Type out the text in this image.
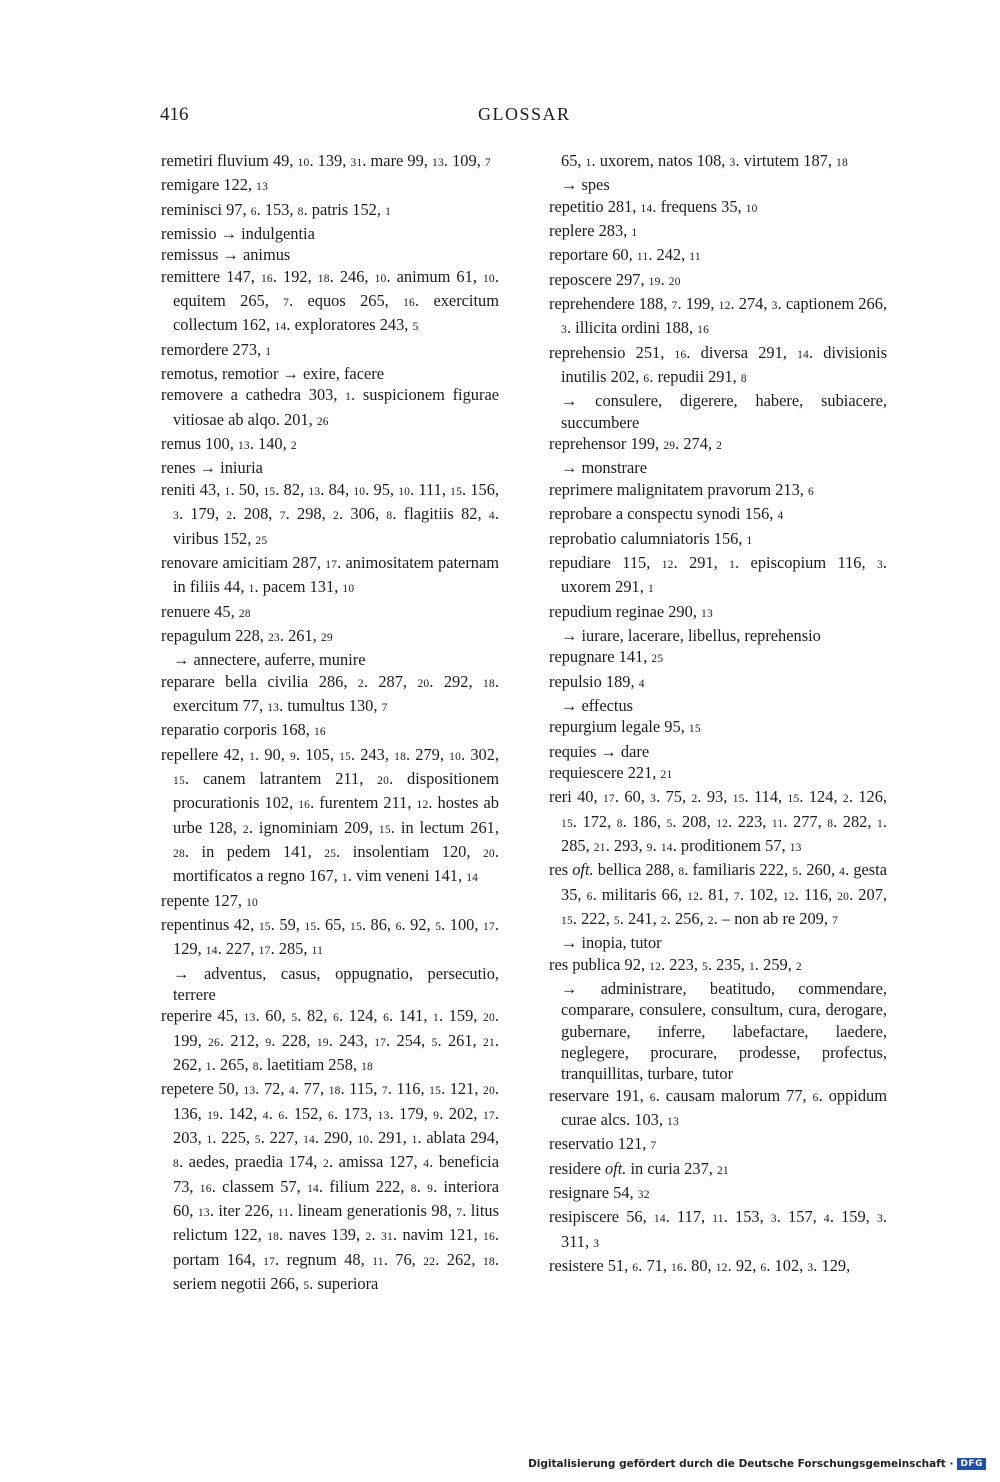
416	GLOSSAR

remetiri fluvium 49, 10. 139, 31. mare 99, 13. 109, 7

remigare 122, 13

reminisci 97, 6. 153, 8. patris 152, 1

remissio → indulgentia

remissus → animus

remittere 147, 16. 192, 18. 246, 10. animum 61, 10. equitem 265, 7. equos 265, 16. exercitum collectum 162, 14. exploratores 243, 5

remordere 273, 1

remotus, remotior → exire, facere

removere a cathedra 303, 1. suspicionem figurae vitiosae ab alqo. 201, 26

remus 100, 13. 140, 2

renes → iniuria

reniti 43, 1. 50, 15. 82, 13. 84, 10. 95, 10. 111, 15. 156, 3. 179, 2. 208, 7. 298, 2. 306, 8. flagitiis 82, 4. viribus 152, 25

renovare amicitiam 287, 17. animositatem paternam in filiis 44, 1. pacem 131, 10

renuere 45, 28

repagulum 228, 23. 261, 29

→ annectere, auferre, munire

reparare bella civilia 286, 2. 287, 20. 292, 18. exercitum 77, 13. tumultus 130, 7

reparatio corporis 168, 16

repellere 42, 1. 90, 9. 105, 15. 243, 18. 279, 10. 302, 15. canem latrantem 211, 20. dispositionem procurationis 102, 16. furentem 211, 12. hostes ab urbe 128, 2. ignominiam 209, 15. in lectum 261, 28. in pedem 141, 25. insolentiam 120, 20. mortificatos a regno 167, 1. vim veneni 141, 14

repente 127, 10

repentinus 42, 15. 59, 15. 65, 15. 86, 6. 92, 5. 100, 17. 129, 14. 227, 17. 285, 11

→ adventus, casus, oppugnatio, persecutio, terrere

reperire 45, 13. 60, 5. 82, 6. 124, 6. 141, 1. 159, 20. 199, 26. 212, 9. 228, 19. 243, 17. 254, 5. 261, 21. 262, 1. 265, 8. laetitiam 258, 18

repetere 50, 13. 72, 4. 77, 18. 115, 7. 116, 15. 121, 20. 136, 19. 142, 4. 6. 152, 6. 173, 13. 179, 9. 202, 17. 203, 1. 225, 5. 227, 14. 290, 10. 291, 1. ablata 294, 8. aedes, praedia 174, 2. amissa 127, 4. beneficia 73, 16. classem 57, 14. filium 222, 8. 9. interiora 60, 13. iter 226, 11. lineam generationis 98, 7. litus relictum 122, 18. naves 139, 2. 31. navim 121, 16. portam 164, 17. regnum 48, 11. 76, 22. 262, 18. seriem negotii 266, 5. superiora

65, 1. uxorem, natos 108, 3. virtutem 187, 18

→ spes

repetitio 281, 14. frequens 35, 10

replere 283, 1

reportare 60, 11. 242, 11

reposcere 297, 19. 20

reprehendere 188, 7. 199, 12. 274, 3. captionem 266, 3. illicita ordini 188, 16

reprehensio 251, 16. diversa 291, 14. divisionis inutilis 202, 6. repudii 291, 8

→ consulere, digerere, habere, subiacere, succumbere

reprehensor 199, 29. 274, 2

→ monstrare

reprimere malignitatem pravorum 213, 6

reprobare a conspectu synodi 156, 4

reprobatio calumniatoris 156, 1

repudiare 115, 12. 291, 1. episcopium 116, 3. uxorem 291, 1

repudium reginae 290, 13

→ iurare, lacerare, libellus, reprehensio

repugnare 141, 25

repulsio 189, 4

→ effectus

repurgium legale 95, 15

requies → dare

requiescere 221, 21

reri 40, 17. 60, 3. 75, 2. 93, 15. 114, 15. 124, 2. 126, 15. 172, 8. 186, 5. 208, 12. 223, 11. 277, 8. 282, 1. 285, 21. 293, 9. 14. proditionem 57, 13

res oft. bellica 288, 8. familiaris 222, 5. 260, 4. gesta 35, 6. militaris 66, 12. 81, 7. 102, 12. 116, 20. 207, 15. 222, 5. 241, 2. 256, 2. – non ab re 209, 7

→ inopia, tutor

res publica 92, 12. 223, 5. 235, 1. 259, 2

→ administrare, beatitudo, commendare, comparare, consulere, consultum, cura, derogare, gubernare, inferre, labefactare, laedere, neglegere, procurare, prodesse, profectus, tranquillitas, turbare, tutor

reservare 191, 6. causam malorum 77, 6. oppidum curae alcs. 103, 13

reservatio 121, 7

residere oft. in curia 237, 21

resignare 54, 32

resipiscere 56, 14. 117, 11. 153, 3. 157, 4. 159, 3. 311, 3

resistere 51, 6. 71, 16. 80, 12. 92, 6. 102, 3. 129,

Digitalisierung gefördert durch die Deutsche Forschungsgemeinschaft · DFG
